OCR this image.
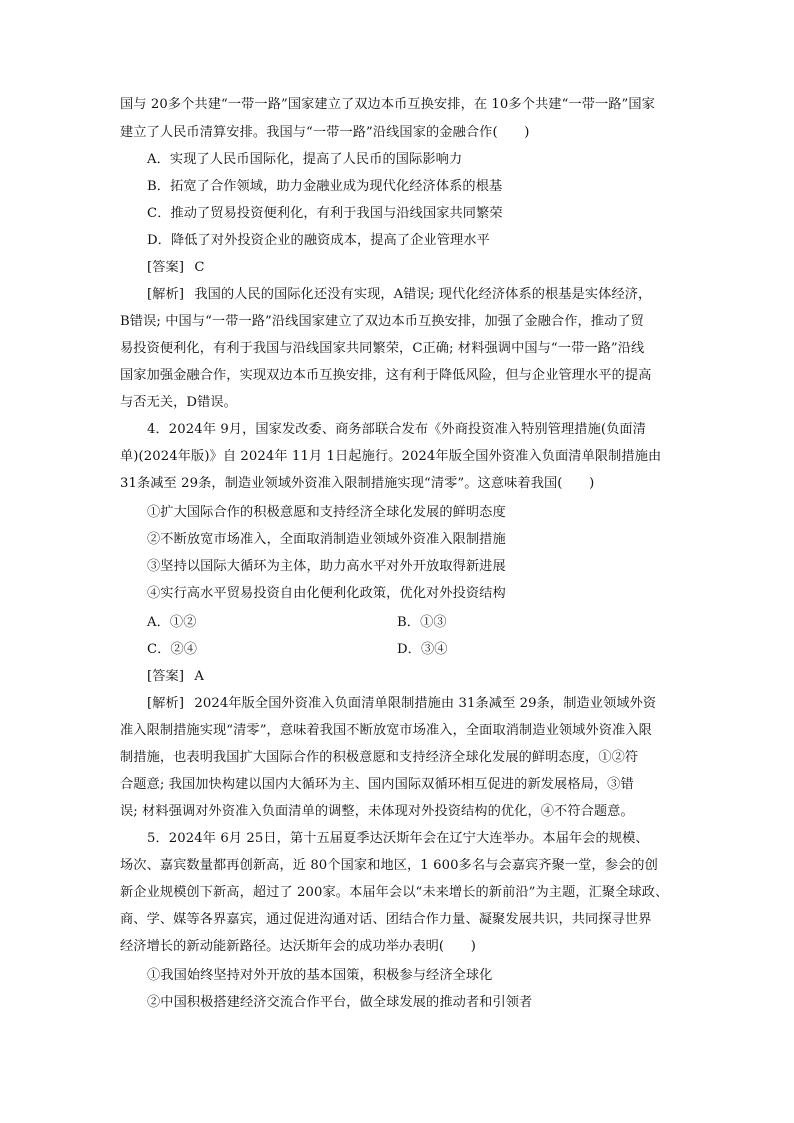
国与 20多个共建“一带一路”国家建立了双边本币互换安排，在 10多个共建“一带一路”国家
建立了人民币清算安排。我国与“一带一路”沿线国家的金融合作(　　)
A．实现了人民币国际化，提高了人民币的国际影响力
B．拓宽了合作领域，助力金融业成为现代化经济体系的根基
C．推动了贸易投资便利化，有利于我国与沿线国家共同繁荣
D．降低了对外投资企业的融资成本，提高了企业管理水平
[答案] C
[解析] 我国的人民的国际化还没有实现，A错误; 现代化经济体系的根基是实体经济，
B错误; 中国与“一带一路”沿线国家建立了双边本币互换安排，加强了金融合作，推动了贸
易投资便利化，有利于我国与沿线国家共同繁荣，C正确; 材料强调中国与“一带一路”沿线
国家加强金融合作，实现双边本币互换安排，这有利于降低风险，但与企业管理水平的提高
与否无关，D错误。
4．2024年 9月，国家发改委、商务部联合发布《外商投资准入特别管理措施(负面清
单)(2024年版)》自 2024年 11月 1日起施行。2024年版全国外资准入负面清单限制措施由
31条减至 29条，制造业领域外资准入限制措施实现“清零”。这意味着我国(　　)
①扩大国际合作的积极意愿和支持经济全球化发展的鲜明态度
②不断放宽市场准入，全面取消制造业领域外资准入限制措施
③坚持以国际大循环为主体，助力高水平对外开放取得新进展
④实行高水平贸易投资自由化便利化政策，优化对外投资结构
A．①②	B．①③
C．②④	D．③④
[答案] A
[解析] 2024年版全国外资准入负面清单限制措施由 31条减至 29条，制造业领域外资
准入限制措施实现“清零”，意味着我国不断放宽市场准入，全面取消制造业领域外资准入限
制措施，也表明我国扩大国际合作的积极意愿和支持经济全球化发展的鲜明态度，①②符
合题意; 我国加快构建以国内大循环为主、国内国际双循环相互促进的新发展格局，③错
误; 材料强调对外资准入负面清单的调整，未体现对外投资结构的优化，④不符合题意。
5．2024年 6月 25日，第十五届夏季达沃斯年会在辽宁大连举办。本届年会的规模、
场次、嘉宾数量都再创新高，近 80个国家和地区，1 600多名与会嘉宾齐聚一堂，参会的创
新企业规模创下新高，超过了 200家。本届年会以“未来增长的新前沿”为主题，汇聚全球政、
商、学、媒等各界嘉宾，通过促进沟通对话、团结合作力量、凝聚发展共识，共同探寻世界
经济增长的新动能新路径。达沃斯年会的成功举办表明(　　)
①我国始终坚持对外开放的基本国策，积极参与经济全球化
②中国积极搭建经济交流合作平台，做全球发展的推动者和引领者
